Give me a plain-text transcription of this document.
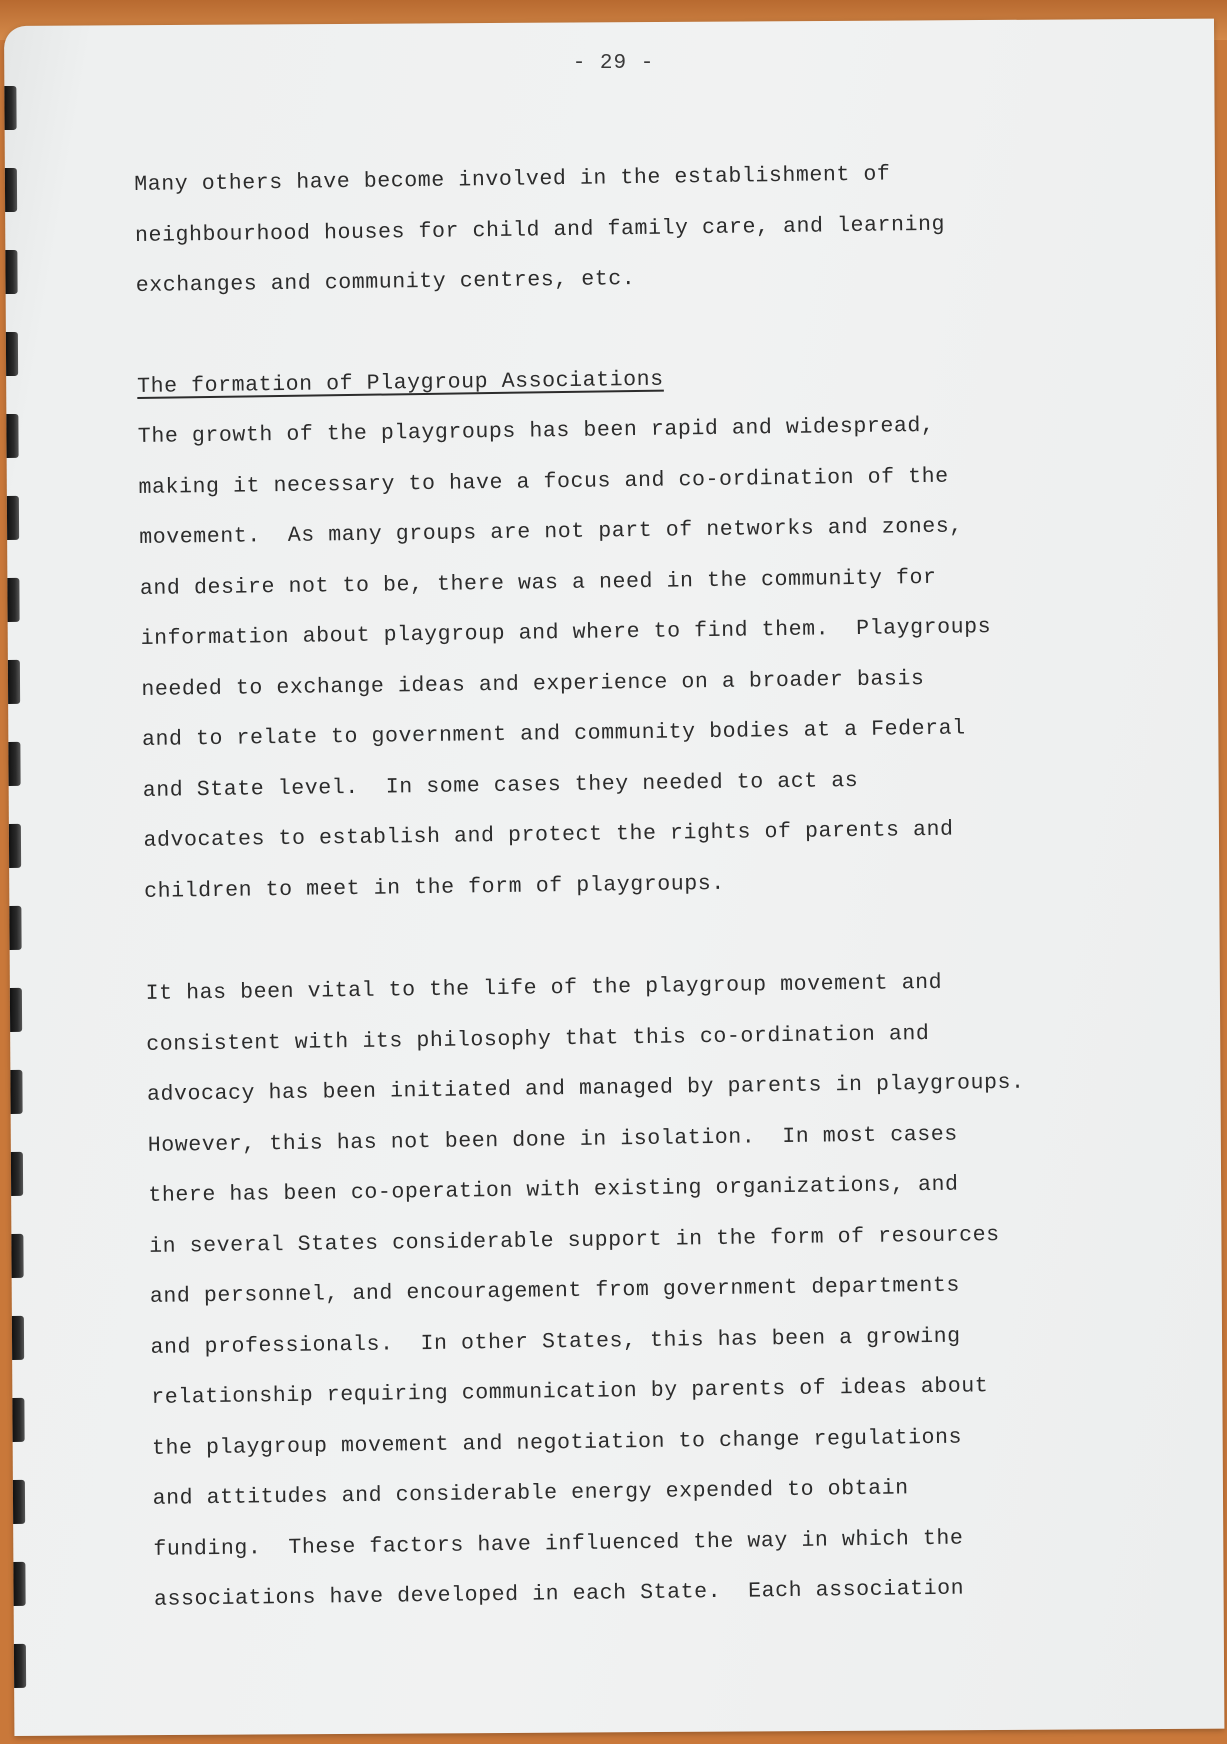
- 29 -
Many others have become involved in the establishment of
neighbourhood houses for child and family care, and learning
exchanges and community centres, etc.
The formation of Playgroup Associations
The growth of the playgroups has been rapid and widespread,
making it necessary to have a focus and co-ordination of the
movement.  As many groups are not part of networks and zones,
and desire not to be, there was a need in the community for
information about playgroup and where to find them.  Playgroups
needed to exchange ideas and experience on a broader basis
and to relate to government and community bodies at a Federal
and State level.  In some cases they needed to act as
advocates to establish and protect the rights of parents and
children to meet in the form of playgroups.
It has been vital to the life of the playgroup movement and
consistent with its philosophy that this co-ordination and
advocacy has been initiated and managed by parents in playgroups.
However, this has not been done in isolation.  In most cases
there has been co-operation with existing organizations, and
in several States considerable support in the form of resources
and personnel, and encouragement from government departments
and professionals.  In other States, this has been a growing
relationship requiring communication by parents of ideas about
the playgroup movement and negotiation to change regulations
and attitudes and considerable energy expended to obtain
funding.  These factors have influenced the way in which the
associations have developed in each State.  Each association
